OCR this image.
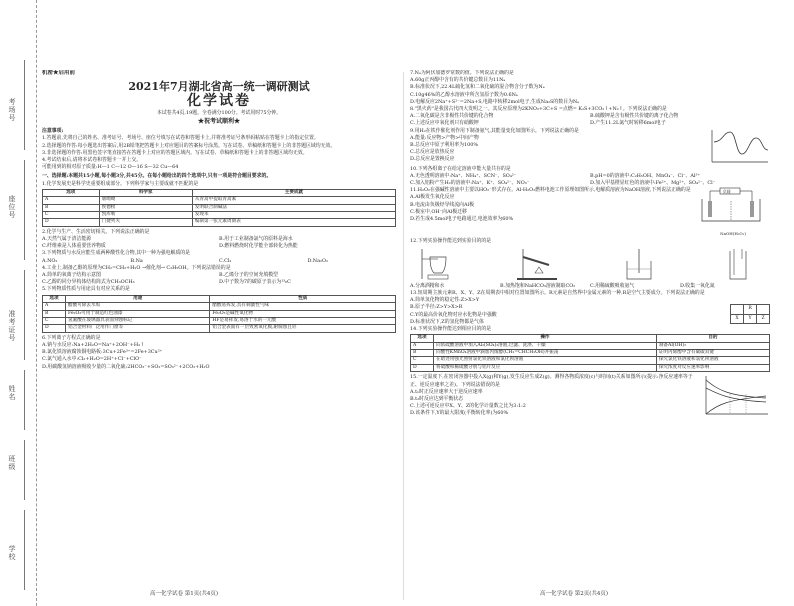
考场号
座位号
准考证号
姓名
班级
学校
机密★启用前
2021年7月湖北省高一统一调研测试
化学试卷
本试卷共4页,19题。全卷满分100分。考试用时75分钟。
★祝考试顺利★
注意事项:
1.答题前,先将自己的姓名、准考证号、考场号、座位号填写在试卷和答题卡上,并将准考证号条形码粘贴在答题卡上的指定位置。
2.选择题的作答:每小题选出答案后,用2B铅笔把答题卡上对应题目的答案标号涂黑。写在试卷、草稿纸和答题卡上的非答题区域均无效。
3.非选择题的作答:用黑色签字笔直接答在答题卡上对应的答题区域内。写在试卷、草稿纸和答题卡上的非答题区域均无效。
4.考试结束后,请将本试卷和答题卡一并上交。
可能用到的相对原子质量:H—1 C—12 O—16 S—32 Cu—64
一、选择题:本题共15小题,每小题3分,共45分。在每小题给出的四个选项中,只有一项是符合题目要求的。
1.化学发展史是科学史重要组成部分。下列科学家与主要成就不匹配的是
选项	科学家	主要成就
A	屠呦呦	从青蒿中提取青蒿素
B	侯德榜	发明联合制碱法
C	凯库勒	发现苯
D	门捷列夫	编制第一张元素周期表
2.化学与生产、生活密切相关。下列说法正确的是
A.天然气属于清洁能源	B.用于工业制备氯气的原料是海水
C.纤维素是人体重要营养物质	D.燃料燃烧时化学能全部转化为热能
3.下列物质与水反应能生成两种酸性化合物,其中一种为强电解质的是
A.NO₂	B.Na	C.Cl₂	D.Na₂O₂
4.工业上,制备乙醇的原理为CH₂=CH₂+H₂O →催化剂→ C₂H₅OH。下列说法错误的是
A.简单的氧离子结构示意图	B.乙烯分子的空间充填模型
C.乙醇的同分异构体结构简式为CH₃OCH₃	D.中子数为7的碳原子表示为¹³₆C
5.下列物质性质与用途具有对应关系的是
选项	用途	性质
A	醋酸可除去水垢	醋酸易挥发,具有刺激性气味
B	Fe₂O₃可用于制造红色油漆	Fe₂O₃是碱性氧化物
C	氢氟酸在玻璃器具表面刻蚀标记	HF是易挥发,易溶于水的一元酸
D	铝合金材料广泛用作门窗等	铝合金表面有一层致密氧化膜,耐腐蚀且轻
6.下列离子方程式正确的是
A.钠与水反应:Na+2H₂O=Na⁺+2OH⁻+H₂↑
B.氯化铁溶液腐蚀铜电路板:3Cu+2Fe³⁺=2Fe+3Cu²⁺
C.氯气通入水中:Cl₂+H₂O=2H⁺+Cl⁻+ClO⁻
D.用碳酸氢钠溶液吸收少量的二氧化硫:2HCO₃⁻+SO₂=SO₃²⁻+2CO₂+H₂O
7.Nₐ为阿伏加德罗常数的值。下列说法正确的是
A.60g正丙醇中含有的共价键总数目为11Nₐ
B.标准状况下,22.4L硫化氢和二氧化硫的混合物含分子数为Nₐ
C.10g46%的乙醇水溶液中所含氢原子数为0.6Nₐ
D.电解反应2Na⁺+S²⁻=2Na+S,电路中转移2mol电子,生成Na₂S的数目为Nₐ
8."黑火药"是我国古代四大发明之一。其反应原理为2KNO₃+3C+S =点燃= K₂S+3CO₂↑+N₂↑。下列说法正确的是
A.二氧化碳是含非极性共价键的化合物	B.硫酸钾是含有极性共价键的离子化合物
C.上述反应中氧化剂只有硝酸钾	D.产生11.2L氮气时转移6mol电子
9.用H₂在铁作催化剂作用下制备氨气,其能量变化如图所示。下列说法正确的是
A.能量:反应物>产物>中间产物
B.总反应中原子利用率为100%
C.总反应是放热反应
D.总反应是置换反应
10.下列各组离子在给定溶液中能大量共存的是
A.无色透明溶液中:Na⁺、NH₄⁺、SCN⁻、SO₄²⁻	B.pH=0的溶液中:C₂H₅OH、MnO₄⁻、Cl⁻、Al³⁺
C.加入铝粉产生H₂的溶液中:Na⁺、K⁺、SO₄²⁻、NO₃⁻	D.加入甲基橙显红色的溶液中:Fe²⁺、Mg²⁺、SO₄²⁻、Cl⁻
11.H₂O₂在强碱性溶液中主要以HO₂⁻形式存在。Al-H₂O₂燃料电池工作原理如图所示,电解质溶液为NaOH溶液,下列说法正确的是
A.Al极发生氧化反应
B.电流由负极经导线流向Al极
C.极室中,OH⁻向Al极迁移
D.若生成4.5mol电子电路通过,电池效率为60%
负载
NaOH(H₂O₂)
12.下列实验操作能达到实验目的的是
A.分离酒精和水	B.加热饱和NaHCO₃溶液制取CO₂	C.用稀硫酸吸收氨气	D.收集一氧化氮
13.短周期主族元素R、X、Y、Z在周期表中相对位置如图所示。R元素是自然界中金属元素的一种,R是空气主要成分。下列说法正确的是
A.简单氢化物的稳定性:Z>X>Y
B.原子半径:Z>Y>X>R
C.Y的最高价氧化物对应水化物是中强酸
D.标准状况下,Z的氢化物都是气体
	R	
X	Y	Z
14.下列实验操作能达到相应目的的是
选项	操作	目的
A	向浓硫酸溶液中加入Al₂(SO₄)₃溶液,过滤、洗涤、干燥	制备Al(OH)₃
B	向酸性KMnO₄溶液中滴加丙烯醇(CH₂=CHCH₂OH)并振荡	证明丙烯醇中含有碳碳双键
C	在暗处用强光照射氯化铁溶液和氯化钡溶液	探究氯化铁溶液和氯化钡溶液
D	将硫酸和稀硫酸分别与铝片反应	探究浓度对反应速率影响
15.一定温度下,在密闭容器中投入X(g)和Y(g),发生反应生成Z(g)。测得各物质浓度(c)与时间(t)关系如图所示(提示:净反应速率等于正、逆反应速率之差)。下列说法错误的是
A.t₁时正反应速率大于逆反应速率
B.t₂时反应达到平衡状态
C.上述可逆反应中X、Y、Z的化学计量数之比为3:1:2
D.该条件下,Y的最大限度(平衡转化率)为60%
高一化学试卷 第1页(共4页)	高一化学试卷 第2页(共4页)
